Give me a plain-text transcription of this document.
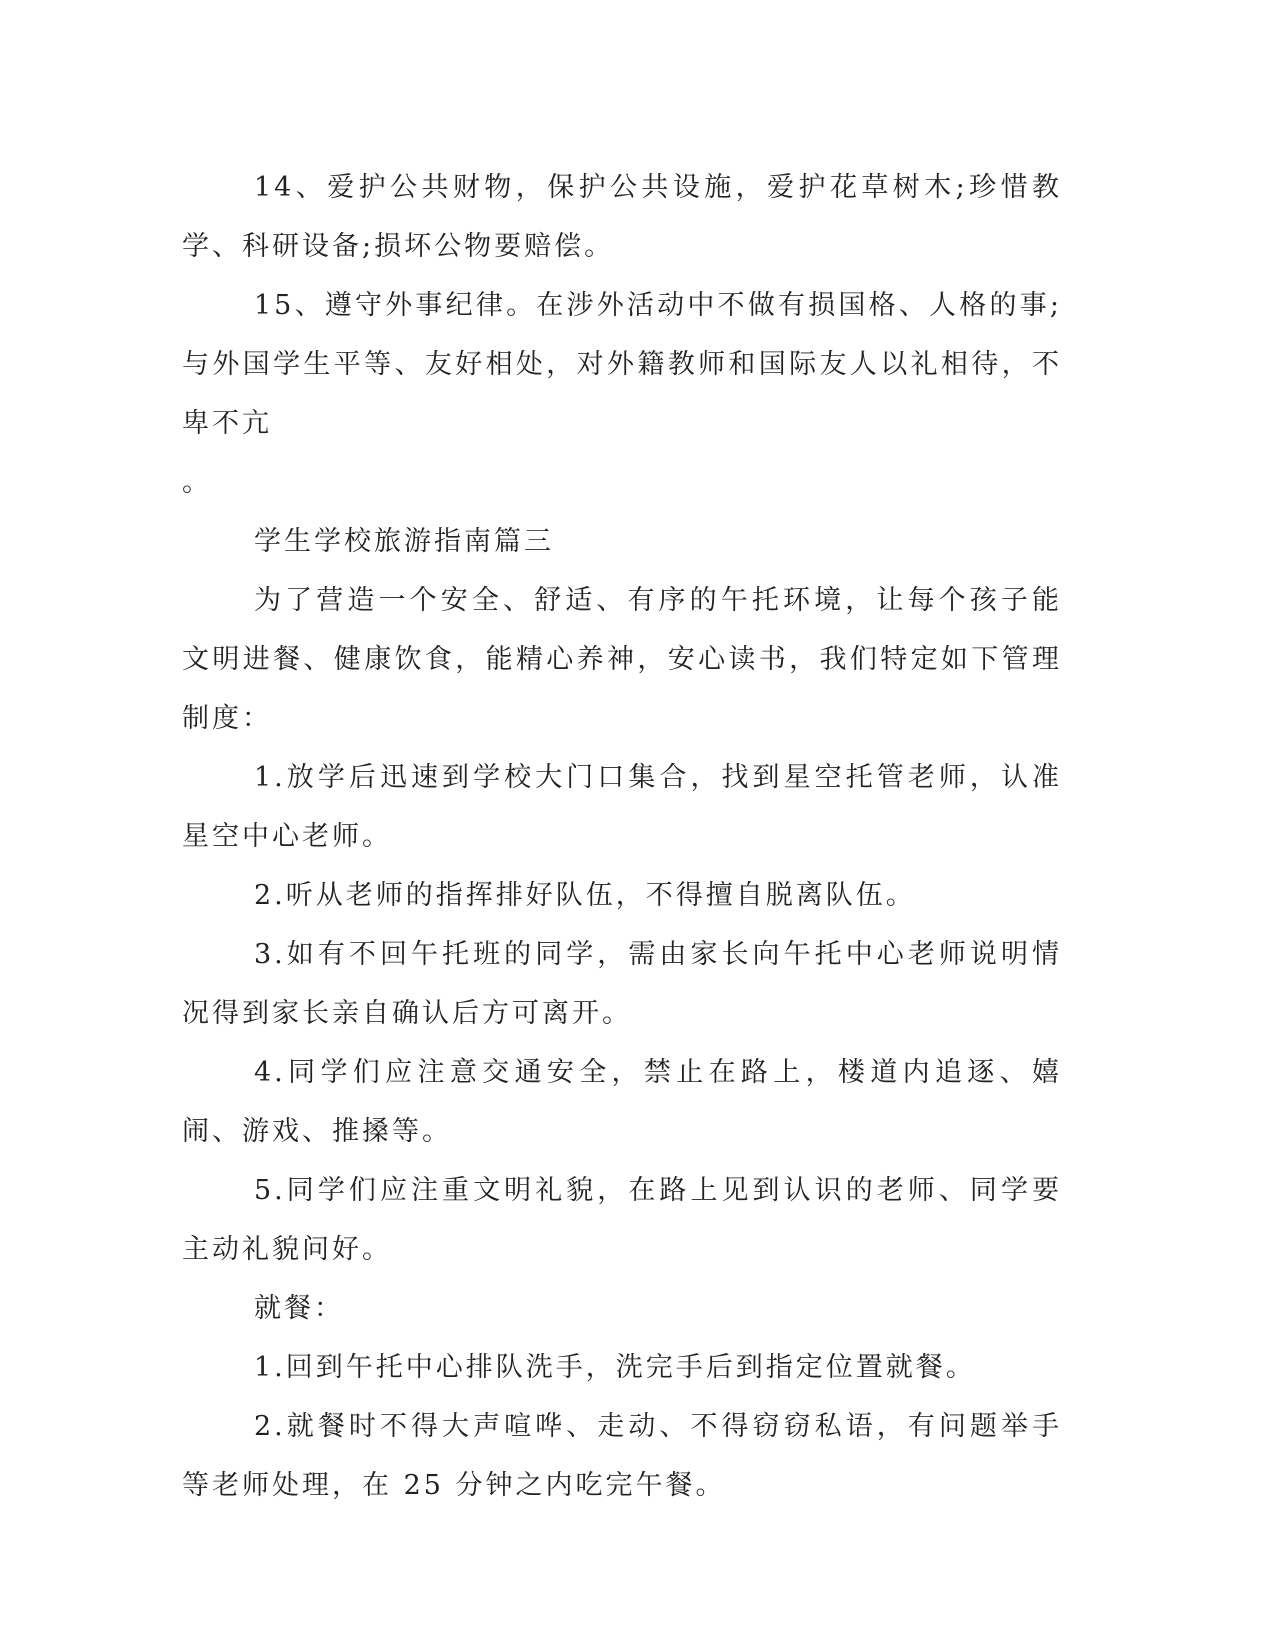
14、爱护公共财物，保护公共设施，爱护花草树木;珍惜教学、科研设备;损坏公物要赔偿。

15、遵守外事纪律。在涉外活动中不做有损国格、人格的事;与外国学生平等、友好相处，对外籍教师和国际友人以礼相待，不卑不亢

。

学生学校旅游指南篇三

为了营造一个安全、舒适、有序的午托环境，让每个孩子能文明进餐、健康饮食，能精心养神，安心读书，我们特定如下管理制度：

1.放学后迅速到学校大门口集合，找到星空托管老师，认准星空中心老师。

2.听从老师的指挥排好队伍，不得擅自脱离队伍。

3.如有不回午托班的同学，需由家长向午托中心老师说明情况得到家长亲自确认后方可离开。

4.同学们应注意交通安全，禁止在路上，楼道内追逐、嬉闹、游戏、推搡等。

5.同学们应注重文明礼貌，在路上见到认识的老师、同学要主动礼貌问好。

就餐：

1.回到午托中心排队洗手，洗完手后到指定位置就餐。

2.就餐时不得大声喧哗、走动、不得窃窃私语，有问题举手等老师处理，在 25 分钟之内吃完午餐。
